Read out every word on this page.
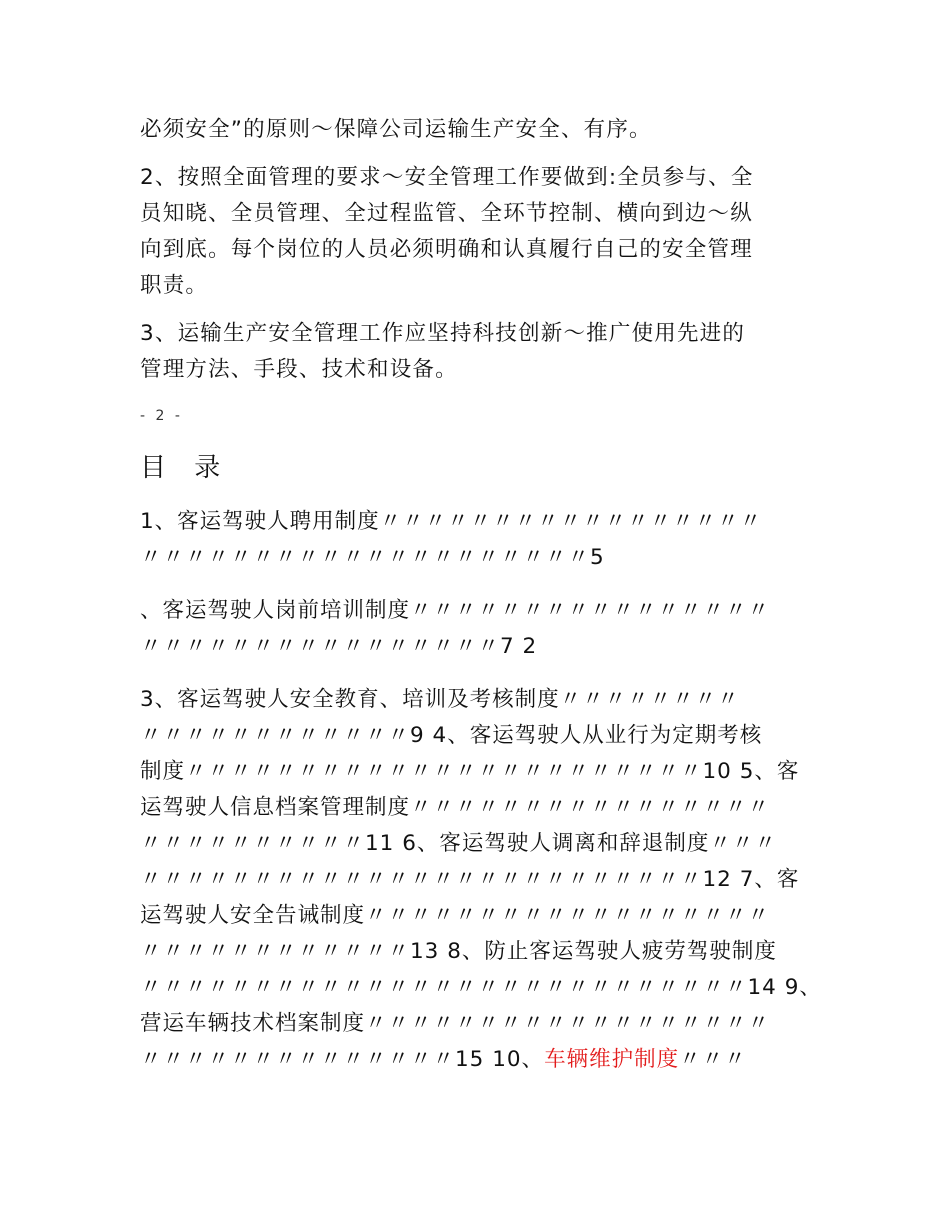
必须安全”的原则～保障公司运输生产安全、有序。

2、按照全面管理的要求～安全管理工作要做到:全员参与、全
员知晓、全员管理、全过程监管、全环节控制、横向到边～纵
向到底。每个岗位的人员必须明确和认真履行自己的安全管理
职责。

3、运输生产安全管理工作应坚持科技创新～推广使用先进的
管理方法、手段、技术和设备。

- 2 -
目 录

1、客运驾驶人聘用制度〃〃〃〃〃〃〃〃〃〃〃〃〃〃〃〃〃

〃〃〃〃〃〃〃〃〃〃〃〃〃〃〃〃〃〃〃〃5

、客运驾驶人岗前培训制度〃〃〃〃〃〃〃〃〃〃〃〃〃〃〃〃

〃〃〃〃〃〃〃〃〃〃〃〃〃〃〃〃7 2

3、客运驾驶人安全教育、培训及考核制度〃〃〃〃〃〃〃〃

〃〃〃〃〃〃〃〃〃〃〃〃9 4、客运驾驶人从业行为定期考核

制度〃〃〃〃〃〃〃〃〃〃〃〃〃〃〃〃〃〃〃〃〃〃〃10 5、客

运驾驶人信息档案管理制度〃〃〃〃〃〃〃〃〃〃〃〃〃〃〃〃

〃〃〃〃〃〃〃〃〃〃11 6、客运驾驶人调离和辞退制度〃〃〃

〃〃〃〃〃〃〃〃〃〃〃〃〃〃〃〃〃〃〃〃〃〃〃〃〃12 7、客

运驾驶人安全告诫制度〃〃〃〃〃〃〃〃〃〃〃〃〃〃〃〃〃〃

〃〃〃〃〃〃〃〃〃〃〃〃13 8、防止客运驾驶人疲劳驾驶制度

〃〃〃〃〃〃〃〃〃〃〃〃〃〃〃〃〃〃〃〃〃〃〃〃〃〃〃14 9、

营运车辆技术档案制度〃〃〃〃〃〃〃〃〃〃〃〃〃〃〃〃〃〃

〃〃〃〃〃〃〃〃〃〃〃〃〃〃15 10、车辆维护制度〃〃〃
